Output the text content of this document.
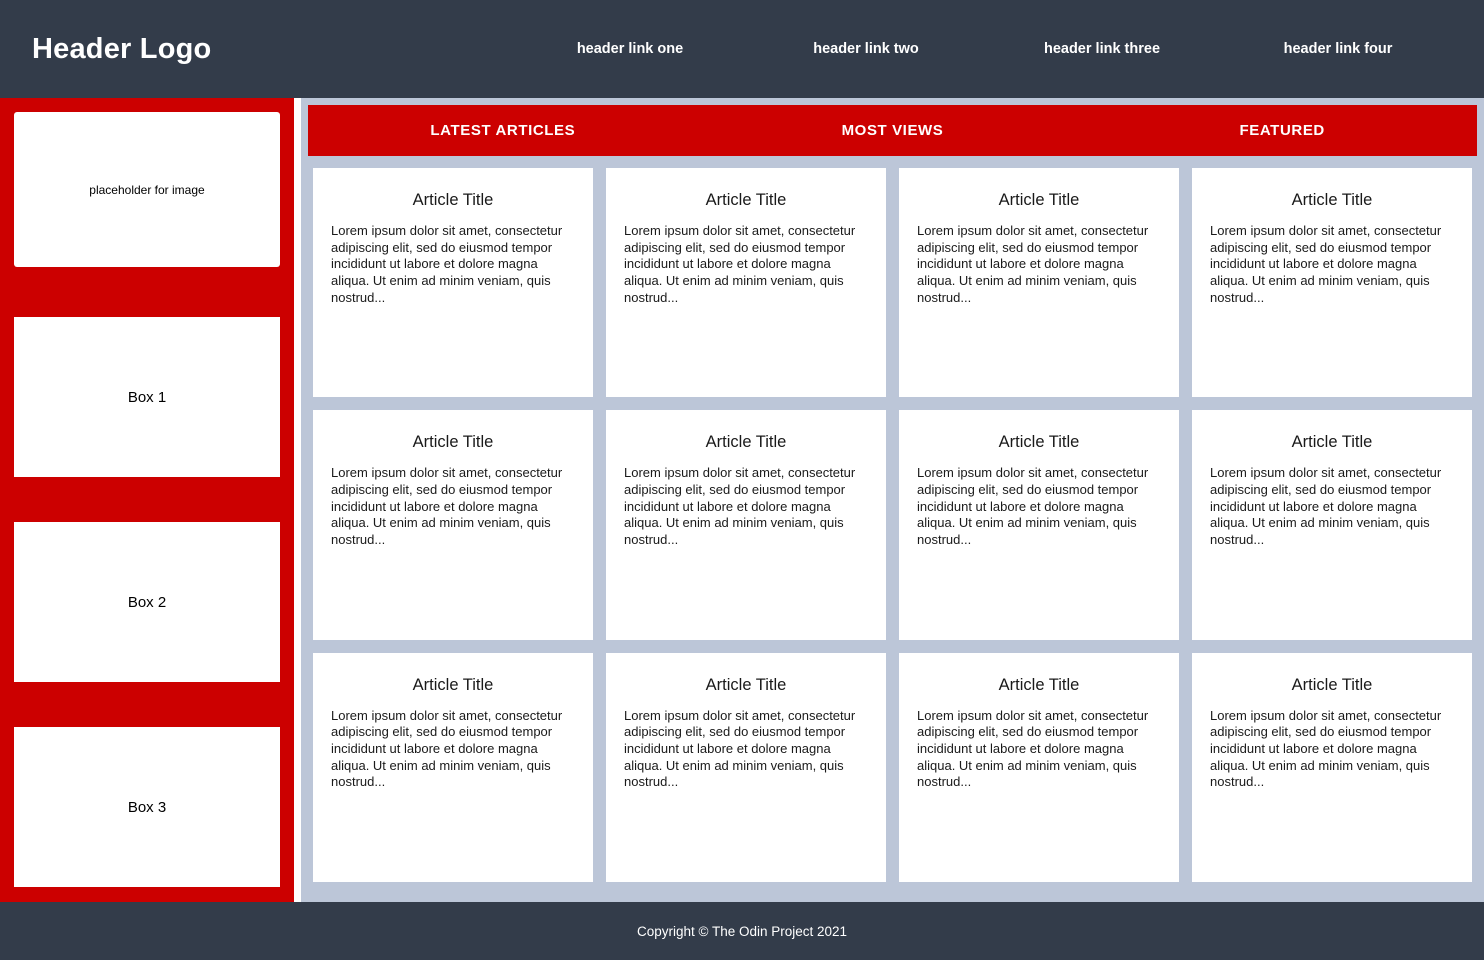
Header Logo	header link one	header link two	header link three	header link four
placeholder for image
Box 1
Box 2
Box 3
LATEST ARTICLES	MOST VIEWS	FEATURED
Article Title

Lorem ipsum dolor sit amet, consectetur adipiscing elit, sed do eiusmod tempor incididunt ut labore et dolore magna aliqua. Ut enim ad minim veniam, quis nostrud...

Article Title

Lorem ipsum dolor sit amet, consectetur adipiscing elit, sed do eiusmod tempor incididunt ut labore et dolore magna aliqua. Ut enim ad minim veniam, quis nostrud...

Article Title

Lorem ipsum dolor sit amet, consectetur adipiscing elit, sed do eiusmod tempor incididunt ut labore et dolore magna aliqua. Ut enim ad minim veniam, quis nostrud...

Article Title

Lorem ipsum dolor sit amet, consectetur adipiscing elit, sed do eiusmod tempor incididunt ut labore et dolore magna aliqua. Ut enim ad minim veniam, quis nostrud...

Article Title

Lorem ipsum dolor sit amet, consectetur adipiscing elit, sed do eiusmod tempor incididunt ut labore et dolore magna aliqua. Ut enim ad minim veniam, quis nostrud...

Article Title

Lorem ipsum dolor sit amet, consectetur adipiscing elit, sed do eiusmod tempor incididunt ut labore et dolore magna aliqua. Ut enim ad minim veniam, quis nostrud...

Article Title

Lorem ipsum dolor sit amet, consectetur adipiscing elit, sed do eiusmod tempor incididunt ut labore et dolore magna aliqua. Ut enim ad minim veniam, quis nostrud...

Article Title

Lorem ipsum dolor sit amet, consectetur adipiscing elit, sed do eiusmod tempor incididunt ut labore et dolore magna aliqua. Ut enim ad minim veniam, quis nostrud...

Article Title

Lorem ipsum dolor sit amet, consectetur adipiscing elit, sed do eiusmod tempor incididunt ut labore et dolore magna aliqua. Ut enim ad minim veniam, quis nostrud...

Article Title

Lorem ipsum dolor sit amet, consectetur adipiscing elit, sed do eiusmod tempor incididunt ut labore et dolore magna aliqua. Ut enim ad minim veniam, quis nostrud...

Article Title

Lorem ipsum dolor sit amet, consectetur adipiscing elit, sed do eiusmod tempor incididunt ut labore et dolore magna aliqua. Ut enim ad minim veniam, quis nostrud...

Article Title

Lorem ipsum dolor sit amet, consectetur adipiscing elit, sed do eiusmod tempor incididunt ut labore et dolore magna aliqua. Ut enim ad minim veniam, quis nostrud...

Copyright © The Odin Project 2021
